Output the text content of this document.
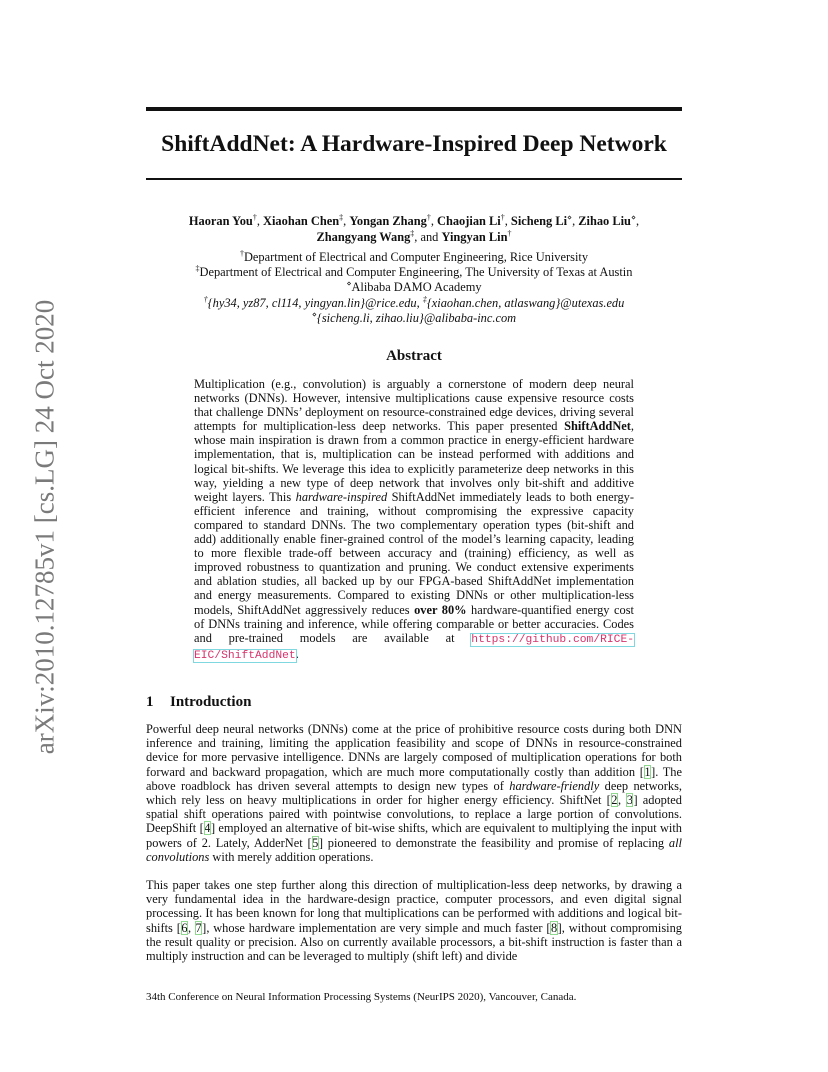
arXiv:2010.12785v1 [cs.LG] 24 Oct 2020
ShiftAddNet: A Hardware-Inspired Deep Network
Haoran You†, Xiaohan Chen‡, Yongan Zhang†, Chaojian Li†, Sicheng Li⋄, Zihao Liu⋄,
Zhangyang Wang‡, and Yingyan Lin†
†Department of Electrical and Computer Engineering, Rice University
‡Department of Electrical and Computer Engineering, The University of Texas at Austin
⋄Alibaba DAMO Academy
†{hy34, yz87, cl114, yingyan.lin}@rice.edu, ‡{xiaohan.chen, atlaswang}@utexas.edu
⋄{sicheng.li, zihao.liu}@alibaba-inc.com
Abstract

Multiplication (e.g., convolution) is arguably a cornerstone of modern deep neural networks (DNNs). However, intensive multiplications cause expensive resource costs that challenge DNNs’ deployment on resource-constrained edge devices, driving several attempts for multiplication-less deep networks. This paper presented ShiftAddNet, whose main inspiration is drawn from a common practice in energy-efficient hardware implementation, that is, multiplication can be instead performed with additions and logical bit-shifts. We leverage this idea to explicitly parameterize deep networks in this way, yielding a new type of deep network that involves only bit-shift and additive weight layers. This hardware-inspired ShiftAddNet immediately leads to both energy-efficient inference and training, without compromising the expressive capacity compared to standard DNNs. The two complementary operation types (bit-shift and add) additionally enable finer-grained control of the model’s learning capacity, leading to more flexible trade-off between accuracy and (training) efficiency, as well as improved robustness to quantization and pruning. We conduct extensive experiments and ablation studies, all backed up by our FPGA-based ShiftAddNet implementation and energy measurements. Compared to existing DNNs or other multiplication-less models, ShiftAddNet aggressively reduces over 80% hardware-quantified energy cost of DNNs training and inference, while offering comparable or better accuracies. Codes and pre-trained models are available at https://github.com/RICE-EIC/ShiftAddNet.

1 Introduction

Powerful deep neural networks (DNNs) come at the price of prohibitive resource costs during both DNN inference and training, limiting the application feasibility and scope of DNNs in resource-constrained device for more pervasive intelligence. DNNs are largely composed of multiplication operations for both forward and backward propagation, which are much more computationally costly than addition [1]. The above roadblock has driven several attempts to design new types of hardware-friendly deep networks, which rely less on heavy multiplications in order for higher energy efficiency. ShiftNet [2, 3] adopted spatial shift operations paired with pointwise convolutions, to replace a large portion of convolutions. DeepShift [4] employed an alternative of bit-wise shifts, which are equivalent to multiplying the input with powers of 2. Lately, AdderNet [5] pioneered to demonstrate the feasibility and promise of replacing all convolutions with merely addition operations.

This paper takes one step further along this direction of multiplication-less deep networks, by drawing a very fundamental idea in the hardware-design practice, computer processors, and even digital signal processing. It has been known for long that multiplications can be performed with additions and logical bit-shifts [6, 7], whose hardware implementation are very simple and much faster [8], without compromising the result quality or precision. Also on currently available processors, a bit-shift instruction is faster than a multiply instruction and can be leveraged to multiply (shift left) and divide

34th Conference on Neural Information Processing Systems (NeurIPS 2020), Vancouver, Canada.
